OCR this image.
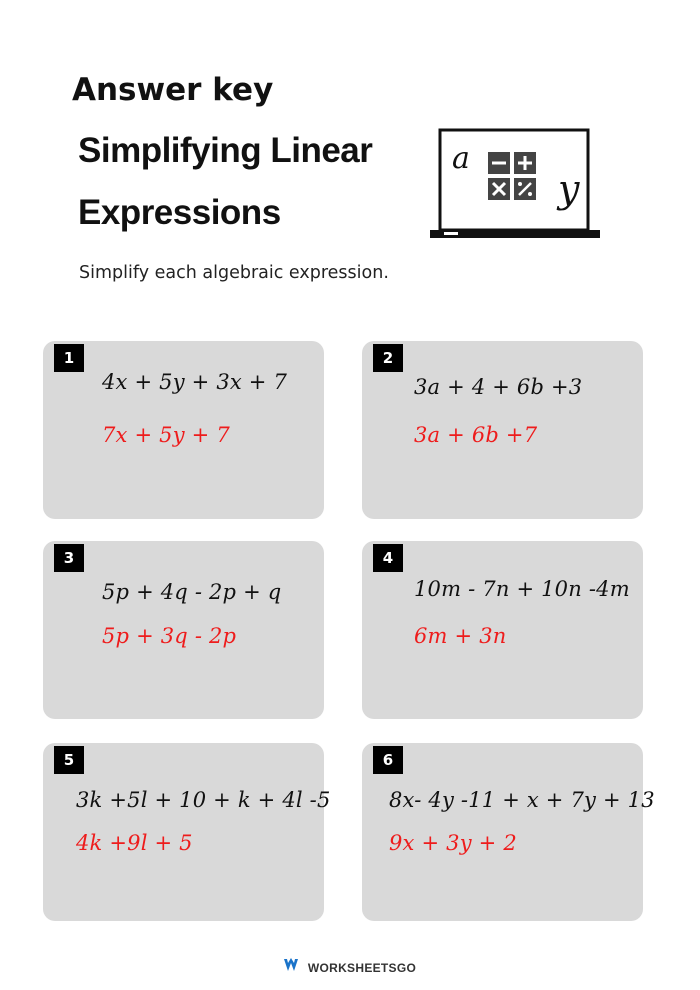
Answer key
Simplifying Linear
Expressions
a
y
Simplify each algebraic expression.
1
4x + 5y + 3x + 7
7x + 5y + 7
2
3a + 4 + 6b +3
3a + 6b +7
3
5p + 4q - 2p + q
5p + 3q - 2p
4
10m - 7n + 10n -4m
6m + 3n
5
3k +5l + 10 + k + 4l -5
4k +9l + 5
6
8x- 4y -11 + x + 7y + 13
9x + 3y + 2
WORKSHEETSGO
